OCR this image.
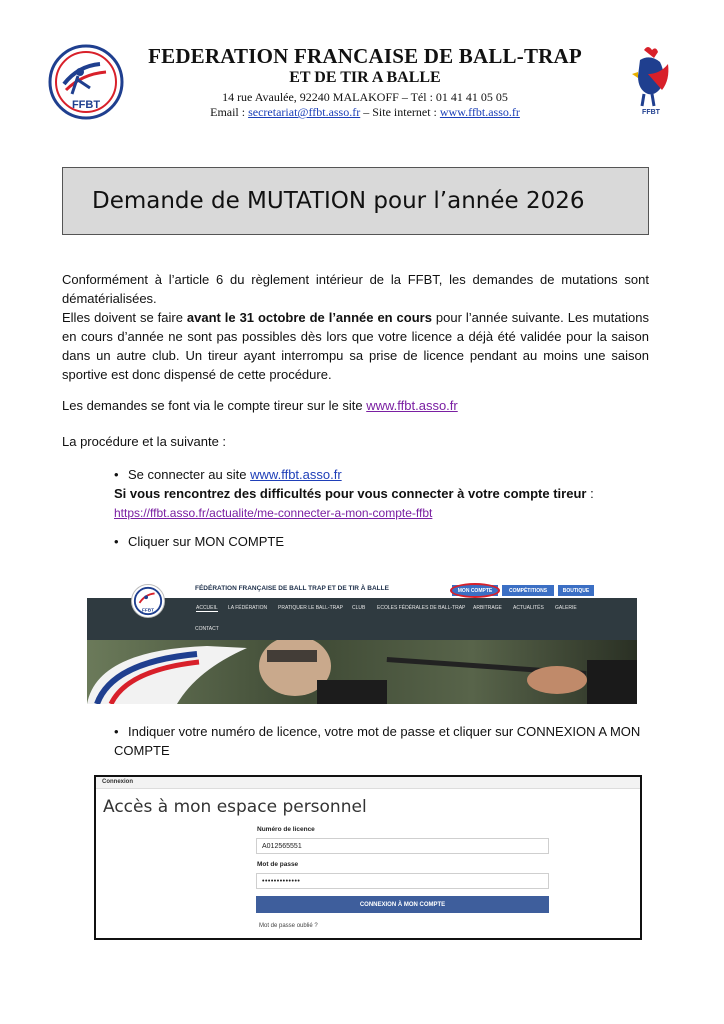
FFBT
FFBT
FEDERATION FRANCAISE DE BALL-TRAP
ET DE TIR A BALLE
14 rue Avaulée, 92240 MALAKOFF – Tél : 01 41 41 05 05
Email : secretariat@ffbt.asso.fr – Site internet : www.ffbt.asso.fr
Demande de MUTATION pour l’année 2026
Conformément à l’article 6 du règlement intérieur de la FFBT, les demandes de mutations sont dématérialisées.
Elles doivent se faire avant le 31 octobre de l’année en cours pour l’année suivante. Les mutations en cours d’année ne sont pas possibles dès lors que votre licence a déjà été validée pour la saison dans un autre club. Un tireur ayant interrompu sa prise de licence pendant au moins une saison sportive est donc dispensé de cette procédure.
Les demandes se font via le compte tireur sur le site www.ffbt.asso.fr
La procédure et la suivante :
• Se connecter au site www.ffbt.asso.fr
Si vous rencontrez des difficultés pour vous connecter à votre compte tireur :
https://ffbt.asso.fr/actualite/me-connecter-a-mon-compte-ffbt
• Cliquer sur MON COMPTE
FÉDÉRATION FRANÇAISE DE BALL TRAP ET DE TIR À BALLE	MON COMPTE	COMPÉTITIONS	BOUTIQUE
ACCUEIL LA FÉDÉRATION PRATIQUER LE BALL-TRAP CLUB ECOLES FÉDÉRALES DE BALL-TRAP ARBITRAGE ACTUALITÉS GALERIE
CONTACT
FFBT
• Indiquer votre numéro de licence, votre mot de passe et cliquer sur CONNEXION A MON COMPTE
Connexion
Accès à mon espace personnel
Numéro de licence
A012565551
Mot de passe
•••••••••••••
CONNEXION À MON COMPTE
Mot de passe oublié ?
